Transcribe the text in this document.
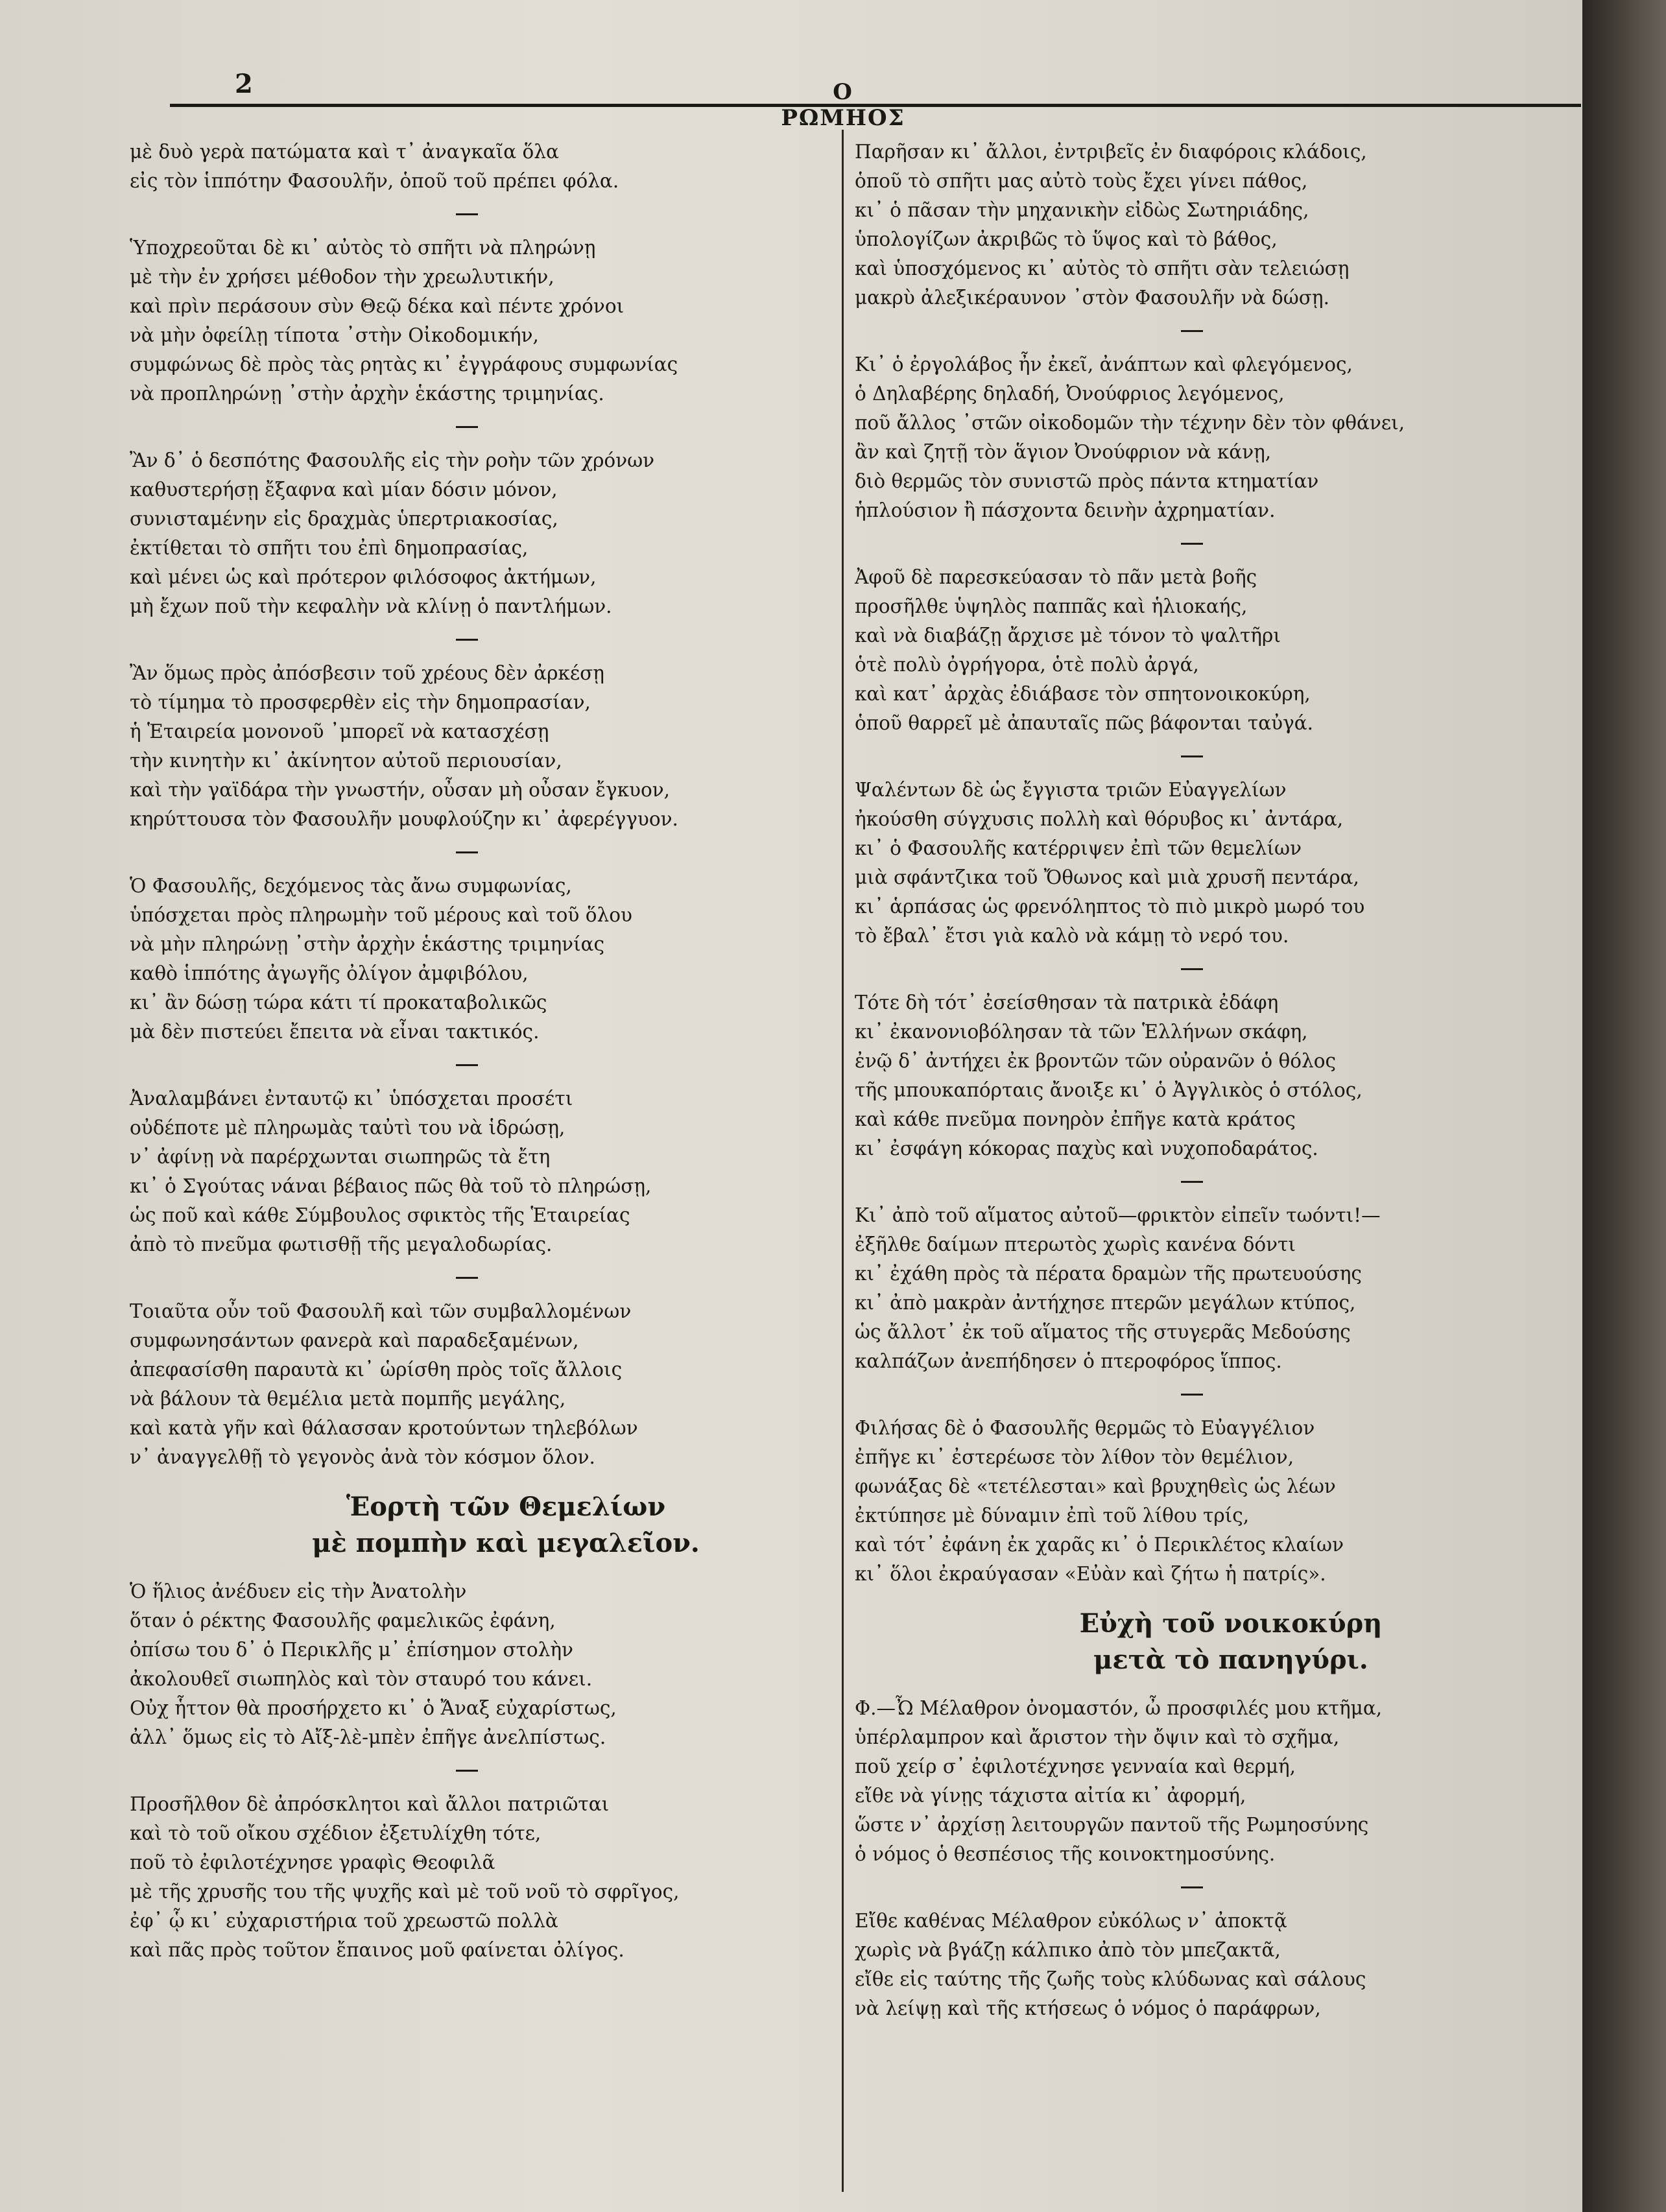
2	Ο ΡΩΜΗΟΣ
μὲ δυὸ γερὰ πατώματα καὶ τ᾽ ἀναγκαῖα ὅλα
εἰς τὸν ἱππότην Φασουλῆν, ὁποῦ τοῦ πρέπει φόλα.
Ὑποχρεοῦται δὲ κι᾽ αὐτὸς τὸ σπῆτι νὰ πληρώνῃ
μὲ τὴν ἐν χρήσει μέθοδον τὴν χρεωλυτικήν,
καὶ πρὶν περάσουν σὺν Θεῷ δέκα καὶ πέντε χρόνοι
νὰ μὴν ὀφείλῃ τίποτα ᾽στὴν Οἰκοδομικήν,
συμφώνως δὲ πρὸς τὰς ρητὰς κι᾽ ἐγγράφους συμφωνίας
νὰ προπληρώνῃ ᾽στὴν ἀρχὴν ἑκάστης τριμηνίας.
Ἂν δ᾽ ὁ δεσπότης Φασουλῆς εἰς τὴν ροὴν τῶν χρόνων
καθυστερήσῃ ἔξαφνα καὶ μίαν δόσιν μόνον,
συνισταμένην εἰς δραχμὰς ὑπερτριακοσίας,
ἐκτίθεται τὸ σπῆτι του ἐπὶ δημοπρασίας,
καὶ μένει ὡς καὶ πρότερον φιλόσοφος ἀκτήμων,
μὴ ἔχων ποῦ τὴν κεφαλὴν νὰ κλίνῃ ὁ παντλήμων.
Ἂν ὅμως πρὸς ἀπόσβεσιν τοῦ χρέους δὲν ἀρκέσῃ
τὸ τίμημα τὸ προσφερθὲν εἰς τὴν δημοπρασίαν,
ἡ Ἑταιρεία μονονοῦ ᾽μπορεῖ νὰ κατασχέσῃ
τὴν κινητὴν κι᾽ ἀκίνητον αὐτοῦ περιουσίαν,
καὶ τὴν γαϊδάρα τὴν γνωστήν, οὖσαν μὴ οὖσαν ἔγκυον,
κηρύττουσα τὸν Φασουλῆν μουφλούζην κι᾽ ἀφερέγγυον.
Ὁ Φασουλῆς, δεχόμενος τὰς ἄνω συμφωνίας,
ὑπόσχεται πρὸς πληρωμὴν τοῦ μέρους καὶ τοῦ ὅλου
νὰ μὴν πληρώνῃ ᾽στὴν ἀρχὴν ἑκάστης τριμηνίας
καθὸ ἱππότης ἀγωγῆς ὀλίγον ἀμφιβόλου,
κι᾽ ἂν δώσῃ τώρα κάτι τί προκαταβολικῶς
μὰ δὲν πιστεύει ἔπειτα νὰ εἶναι τακτικός.
Ἀναλαμβάνει ἐνταυτῷ κι᾽ ὑπόσχεται προσέτι
οὐδέποτε μὲ πληρωμὰς ταὐτὶ του νὰ ἱδρώσῃ,
ν᾽ ἀφίνῃ νὰ παρέρχωνται σιωπηρῶς τὰ ἔτη
κι᾽ ὁ Σγούτας νάναι βέβαιος πῶς θὰ τοῦ τὸ πληρώσῃ,
ὡς ποῦ καὶ κάθε Σύμβουλος σφικτὸς τῆς Ἑταιρείας
ἀπὸ τὸ πνεῦμα φωτισθῇ τῆς μεγαλοδωρίας.
Τοιαῦτα οὖν τοῦ Φασουλῆ καὶ τῶν συμβαλλομένων
συμφωνησάντων φανερὰ καὶ παραδεξαμένων,
ἀπεφασίσθη παραυτὰ κι᾽ ὡρίσθη πρὸς τοῖς ἄλλοις
νὰ βάλουν τὰ θεμέλια μετὰ πομπῆς μεγάλης,
καὶ κατὰ γῆν καὶ θάλασσαν κροτούντων τηλεβόλων
ν᾽ ἀναγγελθῇ τὸ γεγονὸς ἀνὰ τὸν κόσμον ὅλον.
Ἑορτὴ τῶν Θεμελίων
μὲ πομπὴν καὶ μεγαλεῖον.
Ὁ ἥλιος ἀνέδυεν εἰς τὴν Ἀνατολὴν
ὅταν ὁ ρέκτης Φασουλῆς φαμελικῶς ἐφάνη,
ὀπίσω του δ᾽ ὁ Περικλῆς μ᾽ ἐπίσημον στολὴν
ἀκολουθεῖ σιωπηλὸς καὶ τὸν σταυρό του κάνει.
Οὐχ ἧττον θὰ προσήρχετο κι᾽ ὁ Ἄναξ εὐχαρίστως,
ἀλλ᾽ ὅμως εἰς τὸ Αἴξ-λὲ-μπὲν ἐπῆγε ἀνελπίστως.
Προσῆλθον δὲ ἀπρόσκλητοι καὶ ἄλλοι πατριῶται
καὶ τὸ τοῦ οἴκου σχέδιον ἐξετυλίχθη τότε,
ποῦ τὸ ἐφιλοτέχνησε γραφὶς Θεοφιλᾶ
μὲ τῆς χρυσῆς του τῆς ψυχῆς καὶ μὲ τοῦ νοῦ τὸ σφρῖγος,
ἐφ᾽ ᾧ κι᾽ εὐχαριστήρια τοῦ χρεωστῶ πολλὰ
καὶ πᾶς πρὸς τοῦτον ἔπαινος μοῦ φαίνεται ὀλίγος.
Παρῆσαν κι᾽ ἄλλοι, ἐντριβεῖς ἐν διαφόροις κλάδοις,
ὁποῦ τὸ σπῆτι μας αὐτὸ τοὺς ἔχει γίνει πάθος,
κι᾽ ὁ πᾶσαν τὴν μηχανικὴν εἰδὼς Σωτηριάδης,
ὑπολογίζων ἀκριβῶς τὸ ὕψος καὶ τὸ βάθος,
καὶ ὑποσχόμενος κι᾽ αὐτὸς τὸ σπῆτι σὰν τελειώσῃ
μακρὺ ἀλεξικέραυνον ᾽στὸν Φασουλῆν νὰ δώσῃ.
Κι᾽ ὁ ἐργολάβος ἦν ἐκεῖ, ἀνάπτων καὶ φλεγόμενος,
ὁ Δηλαβέρης δηλαδή, Ὀνούφριος λεγόμενος,
ποῦ ἄλλος ᾽στῶν οἰκοδομῶν τὴν τέχνην δὲν τὸν φθάνει,
ἂν καὶ ζητῇ τὸν ἅγιον Ὀνούφριον νὰ κάνῃ,
διὸ θερμῶς τὸν συνιστῶ πρὸς πάντα κτηματίαν
ἡπλούσιον ἢ πάσχοντα δεινὴν ἀχρηματίαν.
Ἀφοῦ δὲ παρεσκεύασαν τὸ πᾶν μετὰ βοῆς
προσῆλθε ὑψηλὸς παππᾶς καὶ ἡλιοκαής,
καὶ νὰ διαβάζῃ ἄρχισε μὲ τόνον τὸ ψαλτῆρι
ὁτὲ πολὺ ὀγρήγορα, ὁτὲ πολὺ ἀργά,
καὶ κατ᾽ ἀρχὰς ἐδιάβασε τὸν σπητονοικοκύρη,
ὁποῦ θαρρεῖ μὲ ἀπαυταῖς πῶς βάφονται ταὐγά.
Ψαλέντων δὲ ὡς ἔγγιστα τριῶν Εὐαγγελίων
ἠκούσθη σύγχυσις πολλὴ καὶ θόρυβος κι᾽ ἀντάρα,
κι᾽ ὁ Φασουλῆς κατέρριψεν ἐπὶ τῶν θεμελίων
μιὰ σφάντζικα τοῦ Ὄθωνος καὶ μιὰ χρυσῆ πεντάρα,
κι᾽ ἁρπάσας ὡς φρενόληπτος τὸ πιὸ μικρὸ μωρό του
τὸ ἔβαλ᾽ ἔτσι γιὰ καλὸ νὰ κάμῃ τὸ νερό του.
Τότε δὴ τότ᾽ ἐσείσθησαν τὰ πατρικὰ ἐδάφη
κι᾽ ἐκανονιοβόλησαν τὰ τῶν Ἑλλήνων σκάφη,
ἐνῷ δ᾽ ἀντήχει ἐκ βροντῶν τῶν οὐρανῶν ὁ θόλος
τῆς μπουκαπόρταις ἄνοιξε κι᾽ ὁ Ἀγγλικὸς ὁ στόλος,
καὶ κάθε πνεῦμα πονηρὸν ἐπῆγε κατὰ κράτος
κι᾽ ἐσφάγη κόκορας παχὺς καὶ νυχοποδαράτος.
Κι᾽ ἀπὸ τοῦ αἵματος αὐτοῦ—φρικτὸν εἰπεῖν τωόντι!—
ἐξῆλθε δαίμων πτερωτὸς χωρὶς κανένα δόντι
κι᾽ ἐχάθη πρὸς τὰ πέρατα δραμὼν τῆς πρωτευούσης
κι᾽ ἀπὸ μακρὰν ἀντήχησε πτερῶν μεγάλων κτύπος,
ὡς ἄλλοτ᾽ ἐκ τοῦ αἵματος τῆς στυγερᾶς Μεδούσης
καλπάζων ἀνεπήδησεν ὁ πτεροφόρος ἵππος.
Φιλήσας δὲ ὁ Φασουλῆς θερμῶς τὸ Εὐαγγέλιον
ἐπῆγε κι᾽ ἐστερέωσε τὸν λίθον τὸν θεμέλιον,
φωνάξας δὲ «τετέλεσται» καὶ βρυχηθεὶς ὡς λέων
ἐκτύπησε μὲ δύναμιν ἐπὶ τοῦ λίθου τρίς,
καὶ τότ᾽ ἐφάνη ἐκ χαρᾶς κι᾽ ὁ Περικλέτος κλαίων
κι᾽ ὅλοι ἐκραύγασαν «Εὐὰν καὶ ζήτω ἡ πατρίς».
Εὐχὴ τοῦ νοικοκύρη
μετὰ τὸ πανηγύρι.
Φ.—Ὦ Μέλαθρον ὀνομαστόν, ὦ προσφιλές μου κτῆμα,
ὑπέρλαμπρον καὶ ἄριστον τὴν ὄψιν καὶ τὸ σχῆμα,
ποῦ χείρ σ᾽ ἐφιλοτέχνησε γενναία καὶ θερμή,
εἴθε νὰ γίνῃς τάχιστα αἰτία κι᾽ ἀφορμή,
ὥστε ν᾽ ἀρχίσῃ λειτουργῶν παντοῦ τῆς Ρωμηοσύνης
ὁ νόμος ὁ θεσπέσιος τῆς κοινοκτημοσύνης.
Εἴθε καθένας Μέλαθρον εὐκόλως ν᾽ ἀποκτᾷ
χωρὶς νὰ βγάζῃ κάλπικο ἀπὸ τὸν μπεζακτᾶ,
εἴθε εἰς ταύτης τῆς ζωῆς τοὺς κλύδωνας καὶ σάλους
νὰ λείψῃ καὶ τῆς κτήσεως ὁ νόμος ὁ παράφρων,
